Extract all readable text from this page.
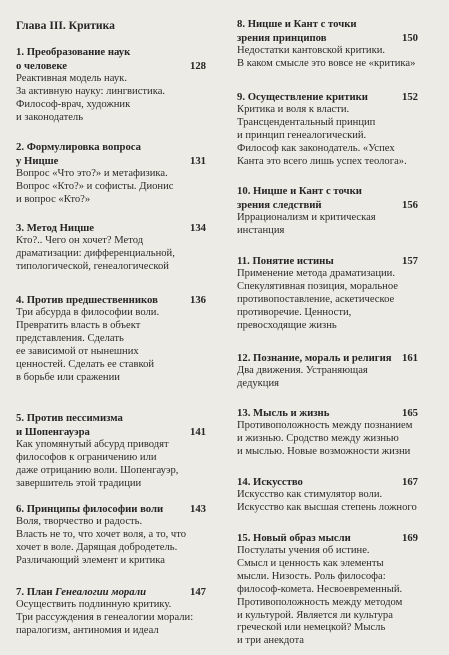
Глава III. Критика
1. Преобразование наук
о человеке	128
Реактивная модель наук.
За активную науку: лингвистика.
Философ-врач, художник
и законодатель
2. Формулировка вопроса
у Ницше	131
Вопрос «Что это?» и метафизика.
Вопрос «Кто?» и софисты. Дионис
и вопрос «Кто?»
3. Метод Ницше	134
Кто?.. Чего он хочет? Метод
драматизации: дифференциальной,
типологической, генеалогической
4. Против предшественников	136
Три абсурда в философии воли.
Превратить власть в объект
представления. Сделать
ее зависимой от нынешних
ценностей. Сделать ее ставкой
в борьбе или сражении
5. Против пессимизма
и Шопенгауэра	141
Как упомянутый абсурд приводят
философов к ограничению или
даже отрицанию воли. Шопенгауэр,
завершитель этой традиции
6. Принципы философии воли	143
Воля, творчество и радость.
Власть не то, что хочет воля, а то, что
хочет в воле. Дарящая добродетель.
Различающий элемент и критика
7. План Генеалогии морали	147
Осуществить подлинную критику.
Три рассуждения в генеалогии морали:
паралогизм, антиномия и идеал
8. Ницше и Кант с точки
зрения принципов	150
Недостатки кантовской критики.
В каком смысле это вовсе не «критика»
9. Осуществление критики	152
Критика и воля к власти.
Трансцендентальный принцип
и принцип генеалогический.
Философ как законодатель. «Успех
Канта это всего лишь успех теолога».
10. Ницше и Кант с точки
зрения следствий	156
Иррационализм и критическая
инстанция
11. Понятие истины	157
Применение метода драматизации.
Спекулятивная позиция, моральное
противопоставление, аскетическое
противоречие. Ценности,
превосходящие жизнь
12. Познание, мораль и религия 161
Два движения. Устраняющая
дедукция
13. Мысль и жизнь	165
Противоположность между познанием
и жизнью. Сродство между жизнью
и мыслью. Новые возможности жизни
14. Искусство	167
Искусство как стимулятор воли.
Искусство как высшая степень ложного
15. Новый образ мысли	169
Постулаты учения об истине.
Смысл и ценность как элементы
мысли. Низость. Роль философа:
философ-комета. Несвоевременный.
Противоположность между методом
и культурой. Является ли культура
греческой или немецкой? Мысль
и три анекдота
